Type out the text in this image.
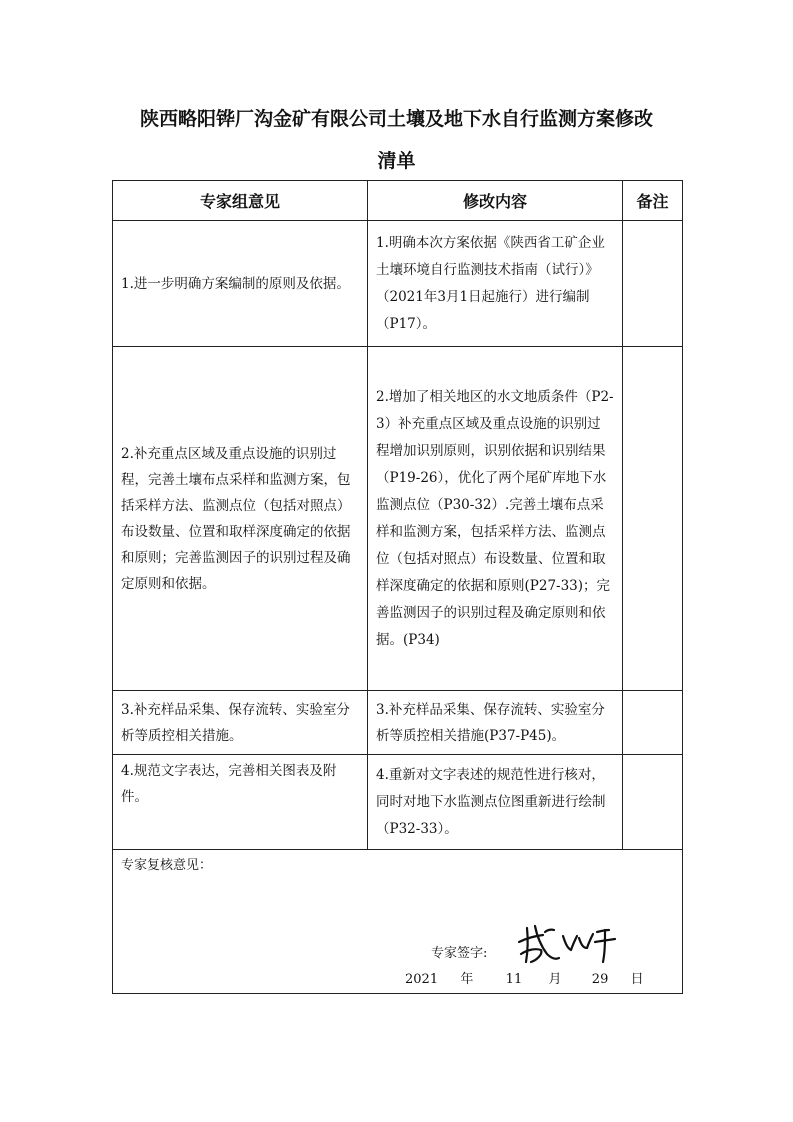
陕西略阳铧厂沟金矿有限公司土壤及地下水自行监测方案修改
清单
专家组意见	修改内容	备注

1.进一步明确方案编制的原则及依据。	1.明确本次方案依据《陕西省工矿企业土壤环境自行监测技术指南（试行）》（2021年3月1日起施行）进行编制（P17）。	

2.补充重点区域及重点设施的识别过程，完善土壤布点采样和监测方案，包括采样方法、监测点位（包括对照点）布设数量、位置和取样深度确定的依据和原则；完善监测因子的识别过程及确定原则和依据。	2.增加了相关地区的水文地质条件（P2-3）补充重点区域及重点设施的识别过程增加识别原则，识别依据和识别结果（P19-26），优化了两个尾矿库地下水监测点位（P30-32）.完善土壤布点采样和监测方案，包括采样方法、监测点位（包括对照点）布设数量、位置和取样深度确定的依据和原则(P27-33)；完善监测因子的识别过程及确定原则和依据。(P34)	

3.补充样品采集、保存流转、实验室分析等质控相关措施。	3.补充样品采集、保存流转、实验室分析等质控相关措施(P37-P45)。	

4.规范文字表达，完善相关图表及附件。	4.重新对文字表述的规范性进行核对，同时对地下水监测点位图重新进行绘制（P32-33）。	

专家复核意见：
专家签字:
2021 年 11 月 29 日		
